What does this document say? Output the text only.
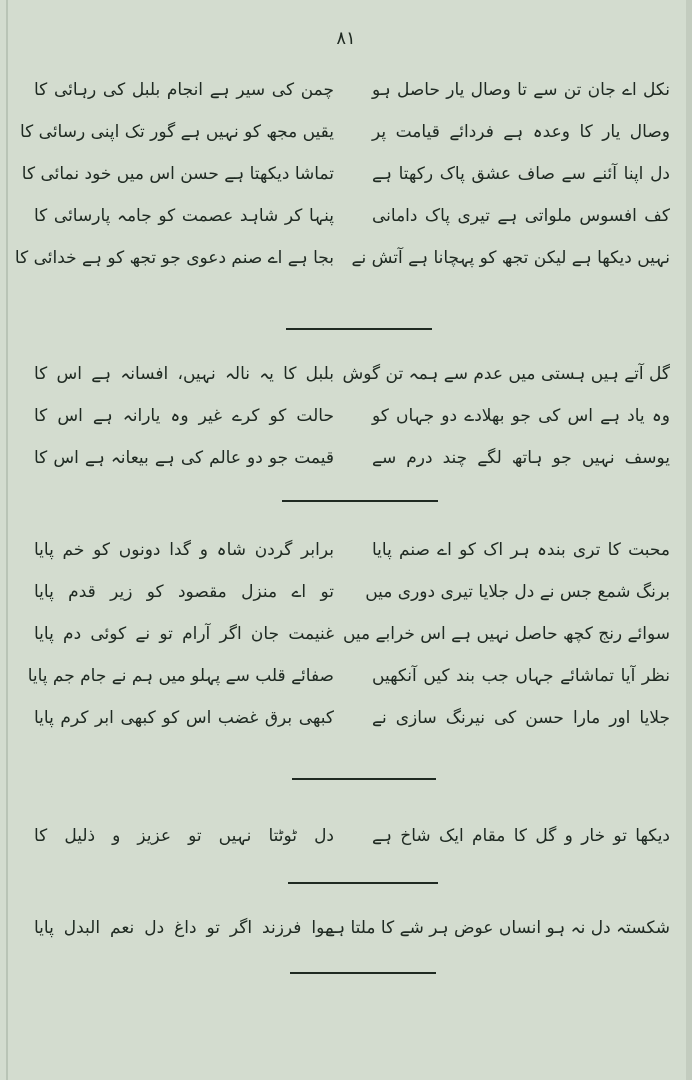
۸۱
نکل اے جان تن سے تا وصال یار حاصل ہو
چمن کی سیر ہے انجام بلبل کی رہائی کا
وصال یار کا وعدہ ہے فردائے قیامت پر
یقیں مجھ کو نہیں ہے گور تک اپنی رسائی کا
دل اپنا آئنے سے صاف عشق پاک رکھتا ہے
تماشا دیکھتا ہے حسن اس میں خود نمائی کا
کف افسوس ملواتی ہے تیری پاک دامانی
پنہا کر شاہد عصمت کو جامہ پارسائی کا
نہیں دیکھا ہے لیکن تجھ کو پہچانا ہے آتش نے
بجا ہے اے صنم دعوی جو تجھ کو ہے خدائی کا
گل آتے ہیں ہستی میں عدم سے ہمہ تن گوش
بلبل کا یہ نالہ نہیں، افسانہ ہے اس کا
وہ یاد ہے اس کی جو بھلادے دو جہاں کو
حالت کو کرے غیر وہ یارانہ ہے اس کا
یوسف نہیں جو ہاتھ لگے چند درم سے
قیمت جو دو عالم کی ہے بیعانہ ہے اس کا
محبت کا تری بندہ ہر اک کو اے صنم پایا
برابر گردن شاہ و گدا دونوں کو خم پایا
برنگ شمع جس نے دل جلایا تیری دوری میں
تو اے منزل مقصود کو زیر قدم پایا
سوائے رنج کچھ حاصل نہیں ہے اس خرابے میں
غنیمت جان اگر آرام تو نے کوئی دم پایا
نظر آیا تماشائے جہاں جب بند کیں آنکھیں
صفائے قلب سے پہلو میں ہم نے جام جم پایا
جلایا اور مارا حسن کی نیرنگ سازی نے
کبھی برق غضب اس کو کبھی ابر کرم پایا
دیکھا تو خار و گل کا مقام ایک شاخ ہے
دل ٹوٹتا نہیں تو عزیز و ذلیل کا
شکستہ دل نہ ہو انساں عوض ہر شے کا ملتا ہے
موا فرزند اگر تو داغ دل نعم البدل پایا
